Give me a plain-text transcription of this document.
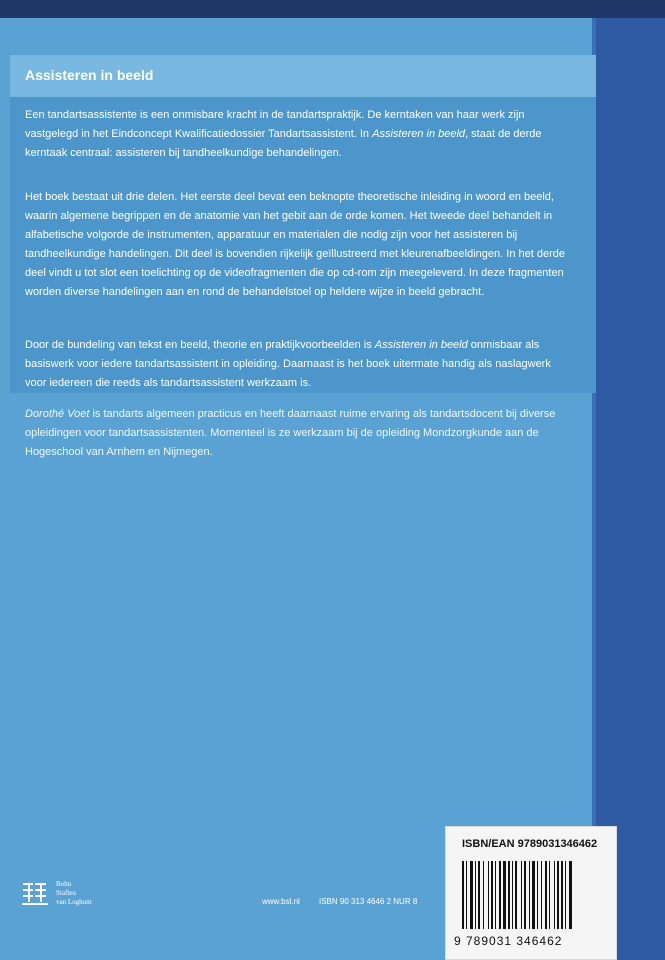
Assisteren in beeld

Een tandartsassistente is een onmisbare kracht in de tandartspraktijk. De kerntaken van haar werk zijn vastgelegd in het Eindconcept Kwalificatiedossier Tandartsassistent. In Assisteren in beeld, staat de derde kerntaak centraal: assisteren bij tandheelkundige behandelingen.

Het boek bestaat uit drie delen. Het eerste deel bevat een beknopte theoretische inleiding in woord en beeld, waarin algemene begrippen en de anatomie van het gebit aan de orde komen. Het tweede deel behandelt in alfabetische volgorde de instrumenten, apparatuur en materialen die nodig zijn voor het assisteren bij tandheelkundige handelingen. Dit deel is bovendien rijkelijk geïllustreerd met kleurenafbeeldingen. In het derde deel vindt u tot slot een toelichting op de videofragmenten die op cd-rom zijn meegeleverd. In deze fragmenten worden diverse handelingen aan en rond de behandelstoel op heldere wijze in beeld gebracht.

Door de bundeling van tekst en beeld, theorie en praktijkvoorbeelden is Assisteren in beeld onmisbaar als basiswerk voor iedere tandartsassistent in opleiding. Daarnaast is het boek uitermate handig als naslagwerk voor iedereen die reeds als tandartsassistent werkzaam is.

Dorothé Voet is tandarts algemeen practicus en heeft daarnaast ruime ervaring als tandartsdocent bij diverse opleidingen voor tandartsassistenten. Momenteel is ze werkzaam bij de opleiding Mondzorgkunde aan de Hogeschool van Arnhem en Nijmegen.

Bohn
Stafleu
van Loghum	www.bsl.nl ISBN 90 313 4646 2 NUR 8
ISBN/EAN 9789031346462
9 789031 346462
